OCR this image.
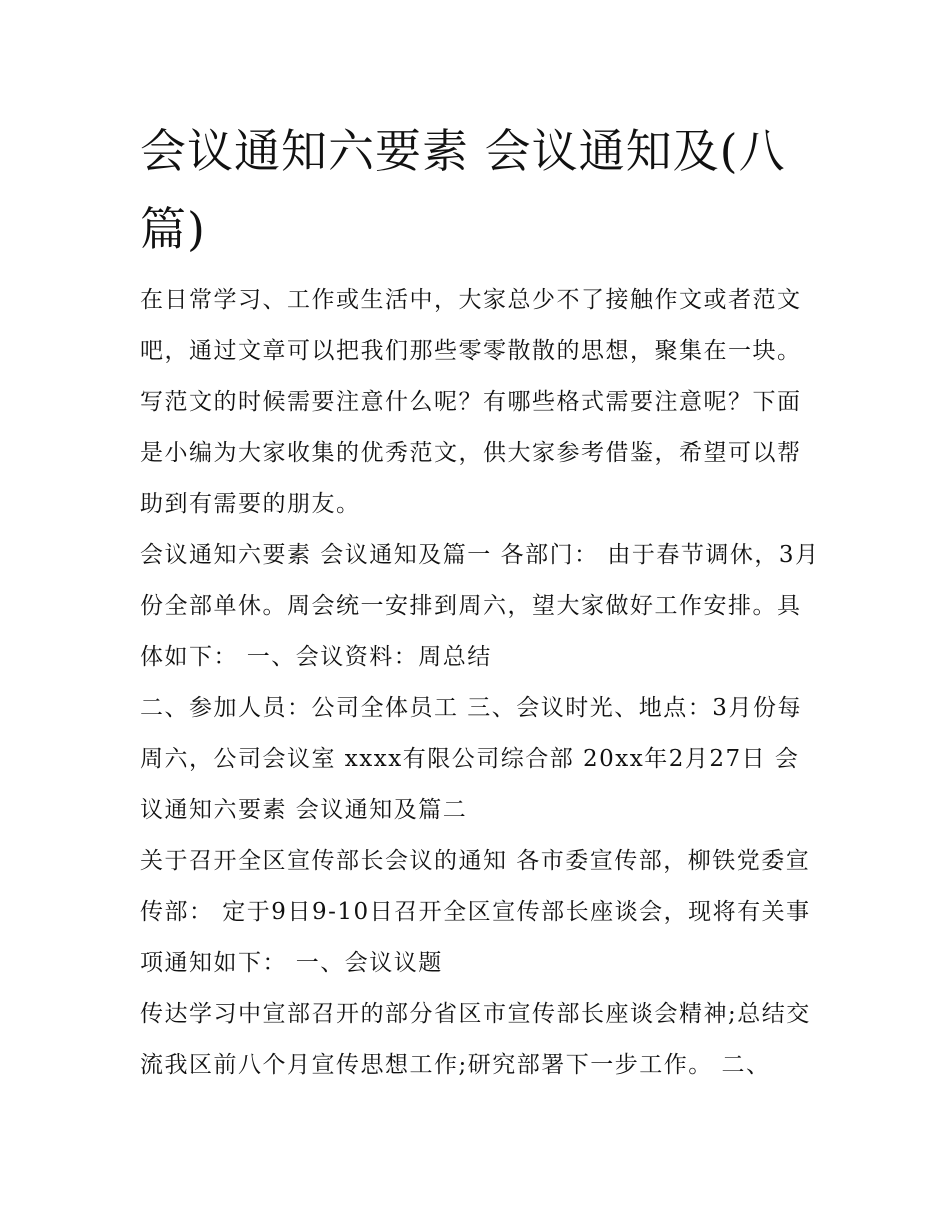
会议通知六要素 会议通知及(八篇)

在日常学习、工作或生活中，大家总少不了接触作文或者范文吧，通过文章可以把我们那些零零散散的思想，聚集在一块。写范文的时候需要注意什么呢？有哪些格式需要注意呢？下面是小编为大家收集的优秀范文，供大家参考借鉴，希望可以帮助到有需要的朋友。

会议通知六要素 会议通知及篇一 各部门： 由于春节调休，3月份全部单休。周会统一安排到周六，望大家做好工作安排。具体如下： 一、会议资料：周总结

二、参加人员：公司全体员工 三、会议时光、地点：3月份每周六，公司会议室 xxxx有限公司综合部 20xx年2月27日 会议通知六要素 会议通知及篇二

关于召开全区宣传部长会议的通知 各市委宣传部，柳铁党委宣传部： 定于9日9-10日召开全区宣传部长座谈会，现将有关事项通知如下： 一、会议议题

传达学习中宣部召开的部分省区市宣传部长座谈会精神;总结交流我区前八个月宣传思想工作;研究部署下一步工作。 二、
